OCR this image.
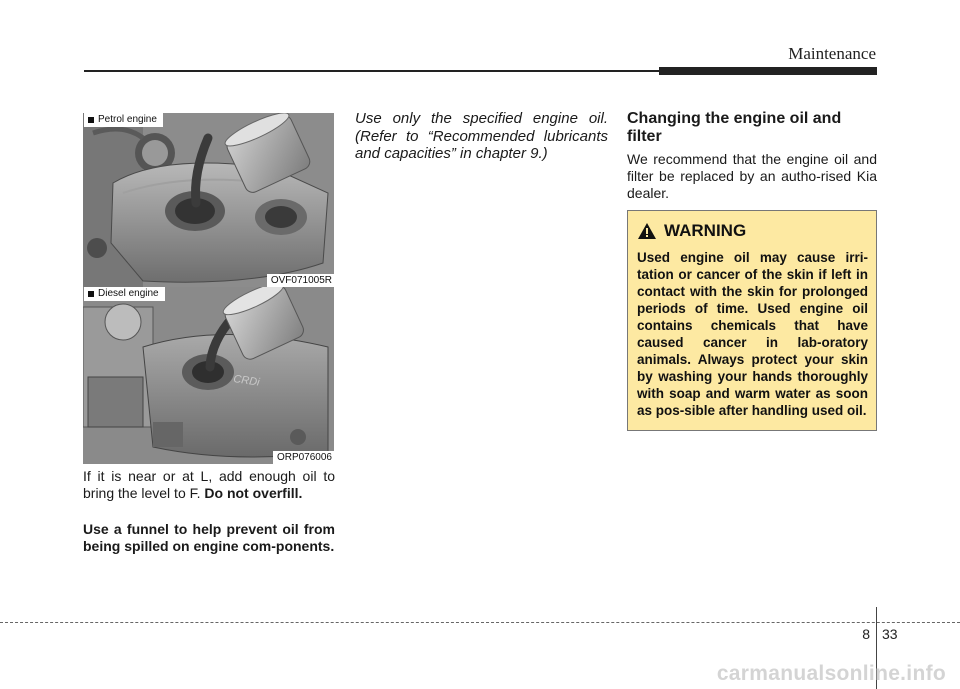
Maintenance
Petrol engine
OVF071005R
CRDi
Diesel engine
ORP076006

If it is near or at L, add enough oil to bring the level to F. Do not overfill.

Use a funnel to help prevent oil from being spilled on engine com-ponents.

Use only the specified engine oil. (Refer to “Recommended lubricants and capacities” in chapter 9.)

Changing the engine oil and filter

We recommend that the engine oil and filter be replaced by an autho-rised Kia dealer.

WARNING

Used engine oil may cause irri-tation or cancer of the skin if left in contact with the skin for prolonged periods of time. Used engine oil contains chemicals that have caused cancer in lab-oratory animals. Always protect your skin by washing your hands thoroughly with soap and warm water as soon as pos-sible after handling used oil.

8 33
carmanualsonline.info
